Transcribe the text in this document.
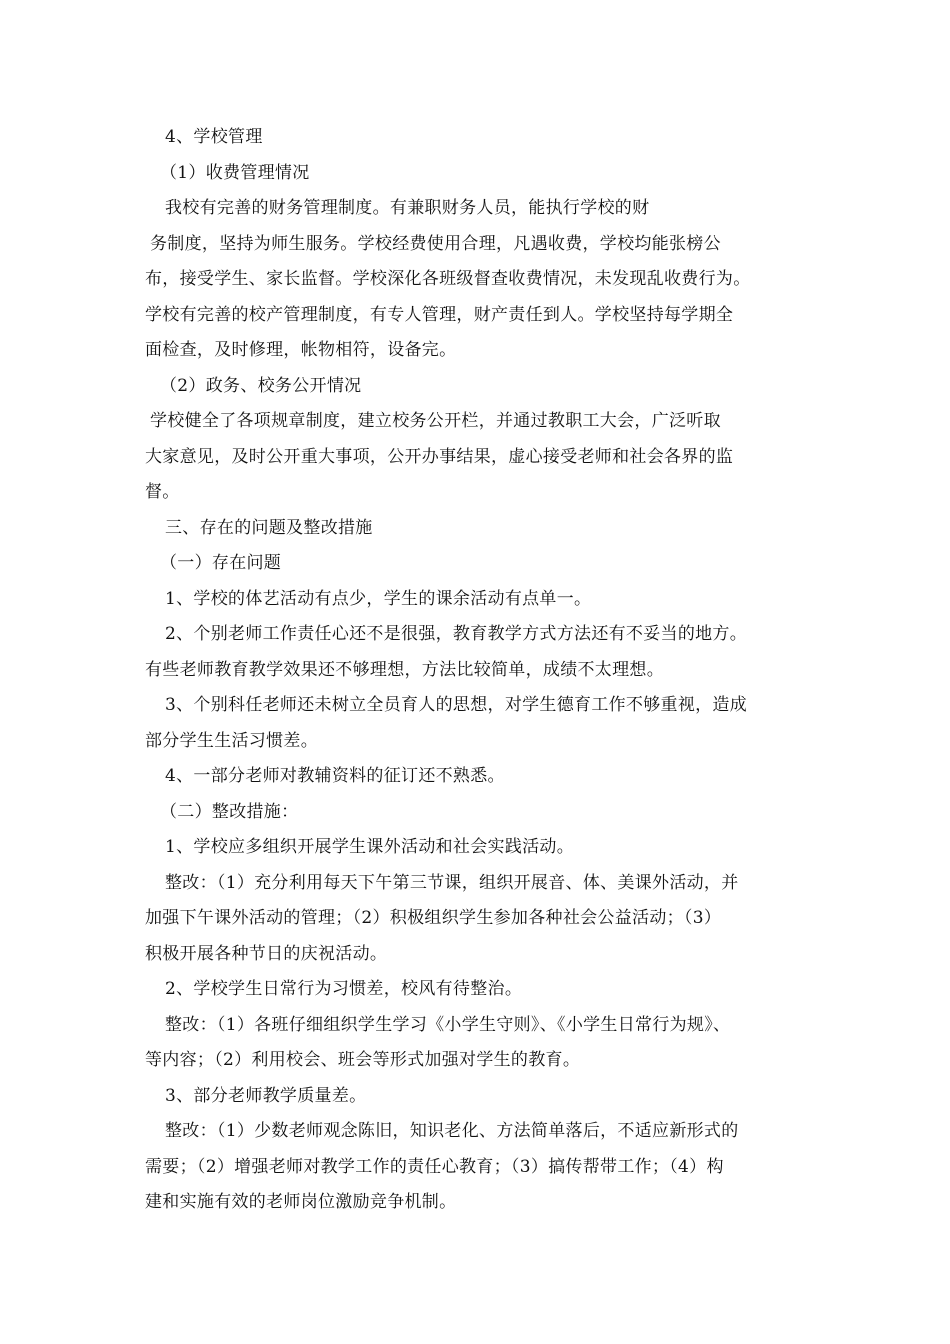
4、学校管理
（1）收费管理情况
我校有完善的财务管理制度。有兼职财务人员，能执行学校的财
务制度，坚持为师生服务。学校经费使用合理，凡遇收费，学校均能张榜公
布，接受学生、家长监督。学校深化各班级督查收费情况，未发现乱收费行为。
学校有完善的校产管理制度，有专人管理，财产责任到人。学校坚持每学期全
面检查，及时修理，帐物相符，设备完。
（2）政务、校务公开情况
学校健全了各项规章制度，建立校务公开栏，并通过教职工大会，广泛听取
大家意见，及时公开重大事项，公开办事结果，虚心接受老师和社会各界的监
督。
三、存在的问题及整改措施
（一）存在问题
1、学校的体艺活动有点少，学生的课余活动有点单一。
2、个别老师工作责任心还不是很强，教育教学方式方法还有不妥当的地方。
有些老师教育教学效果还不够理想，方法比较简单，成绩不太理想。
3、个别科任老师还未树立全员育人的思想，对学生德育工作不够重视，造成
部分学生生活习惯差。
4、一部分老师对教辅资料的征订还不熟悉。
（二）整改措施：
1、学校应多组织开展学生课外活动和社会实践活动。
整改：（1）充分利用每天下午第三节课，组织开展音、体、美课外活动，并
加强下午课外活动的管理；（2）积极组织学生参加各种社会公益活动；（3）
积极开展各种节日的庆祝活动。
2、学校学生日常行为习惯差，校风有待整治。
整改：（1）各班仔细组织学生学习《小学生守则》、《小学生日常行为规》、
等内容；（2）利用校会、班会等形式加强对学生的教育。
3、部分老师教学质量差。
整改：（1）少数老师观念陈旧，知识老化、方法简单落后，不适应新形式的
需要；（2）增强老师对教学工作的责任心教育；（3）搞传帮带工作；（4）构
建和实施有效的老师岗位激励竞争机制。
